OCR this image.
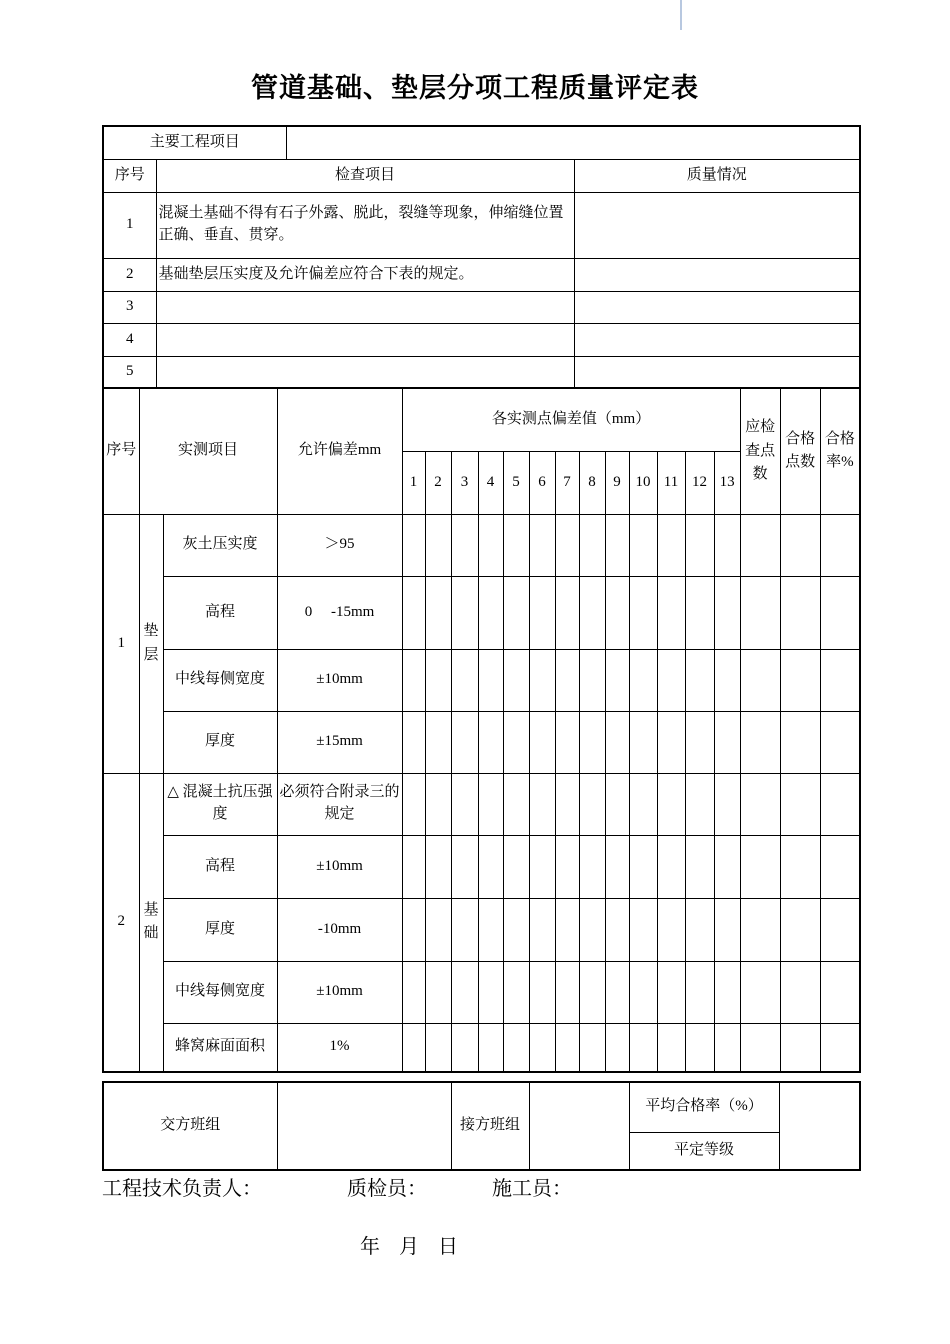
管道基础、垫层分项工程质量评定表
主要工程项目			
序号	检查项目		质量情况
1	混凝土基础不得有石子外露、脱此，裂缝等现象，伸缩缝位置正确、垂直、贯穿。		
2	基础垫层压实度及允许偏差应符合下表的规定。		
3			
4			
5			
序号	实测项目		允许偏差mm	各实测点偏差值（mm）													应检查点数	合格点数	合格率%
				1	2	3	4	5	6	7	8	9	10	11	12	13			
1	垫层	灰土压实度	＞95																
		高程	0 　-15mm																
		中线每侧宽度	±10mm																
		厚度	±15mm																
2	基础	△ 混凝土抗压强度	必须符合附录三的规定																
		高程	±10mm																
		厚度	-10mm																
		中线每侧宽度	±10mm																
		蜂窝麻面面积	1%																
交方班组		接方班组		平均合格率（%）	
平定等级
工程技术负责人：	质检员：	施工员：
年 月 日
